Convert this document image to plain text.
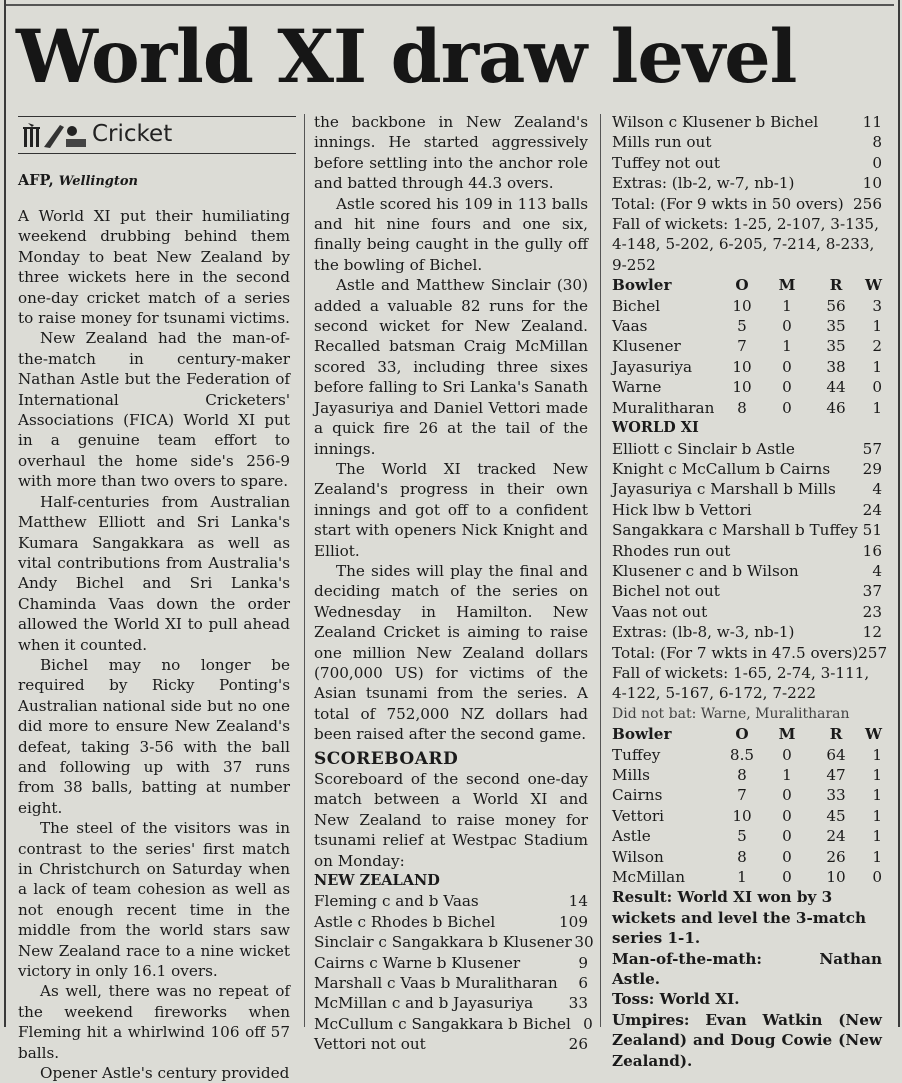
World XI draw level
Cricket
AFP, Wellington

A World XI put their humiliating weekend drubbing behind them Monday to beat New Zealand by three wickets here in the second one-day cricket match of a series to raise money for tsunami victims.

New Zealand had the man-of-the-match in century-maker Nathan Astle but the Federation of International Cricketers' Associations (FICA) World XI put in a genuine team effort to overhaul the home side's 256-9 with more than two overs to spare.

Half-centuries from Australian Matthew Elliott and Sri Lanka's Kumara Sangakkara as well as vital contributions from Australia's Andy Bichel and Sri Lanka's Chaminda Vaas down the order allowed the World XI to pull ahead when it counted.

Bichel may no longer be required by Ricky Ponting's Australian national side but no one did more to ensure New Zealand's defeat, taking 3-56 with the ball and following up with 37 runs from 38 balls, batting at number eight.

The steel of the visitors was in contrast to the series' first match in Christchurch on Saturday when a lack of team cohesion as well as not enough recent time in the middle from the world stars saw New Zealand race to a nine wicket victory in only 16.1 overs.

As well, there was no repeat of the weekend fireworks when Fleming hit a whirlwind 106 off 57 balls.

Opener Astle's century provided

the backbone in New Zealand's innings. He started aggressively before settling into the anchor role and batted through 44.3 overs.

Astle scored his 109 in 113 balls and hit nine fours and one six, finally being caught in the gully off the bowling of Bichel.

Astle and Matthew Sinclair (30) added a valuable 82 runs for the second wicket for New Zealand. Recalled batsman Craig McMillan scored 33, including three sixes before falling to Sri Lanka's Sanath Jayasuriya and Daniel Vettori made a quick fire 26 at the tail of the innings.

The World XI tracked New Zealand's progress in their own innings and got off to a confident start with openers Nick Knight and Elliot.

The sides will play the final and deciding match of the series on Wednesday in Hamilton. New Zealand Cricket is aiming to raise one million New Zealand dollars (700,000 US) for victims of the Asian tsunami from the series. A total of 752,000 NZ dollars had been raised after the second game.

SCOREBOARD

Scoreboard of the second one-day match between a World XI and New Zealand to raise money for tsunami relief at Westpac Stadium on Monday:

NEW ZEALAND
Fleming c and b Vaas	14
Astle c Rhodes b Bichel	109
Sinclair c Sangakkara b Klusener 30
Cairns c Warne b Klusener	9
Marshall c Vaas b Muralitharan	6
McMillan c and b Jayasuriya 33
McCullum c Sangakkara b Bichel 0
Vettori not out	26
Wilson c Klusener b Bichel	11
Mills run out	8
Tuffey not out	0
Extras: (lb-2, w-7, nb-1)	10
Total: (For 9 wkts in 50 overs) 256

Fall of wickets: 1-25, 2-107, 3-135, 4-148, 5-202, 6-205, 7-214, 8-233, 9-252

Bowler	O	M	R	W
Bichel	10	1	56	3
Vaas	5	0	35	1
Klusener	7	1	35	2
Jayasuriya	10	0	38	1
Warne	10	0	44	0
Muralitharan	8	0	46	1
WORLD XI
Elliott c Sinclair b Astle	57
Knight c McCallum b Cairns 29
Jayasuriya c Marshall b Mills	4
Hick lbw b Vettori	24
Sangakkara c Marshall b Tuffey 51
Rhodes run out	16
Klusener c and b Wilson	4
Bichel not out	37
Vaas not out	23
Extras: (lb-8, w-3, nb-1)	12
Total: (For 7 wkts in 47.5 overs) 257

Fall of wickets: 1-65, 2-74, 3-111, 4-122, 5-167, 6-172, 7-222

Did not bat: Warne, Muralitharan
Bowler	O	M	R	W
Tuffey	8.5	0	64	1
Mills	8	1	47	1
Cairns	7	0	33	1
Vettori	10	0	45	1
Astle	5	0	24	1
Wilson	8	0	26	1
McMillan	1	0	10	0

Result: World XI won by 3 wickets and level the 3-match series 1-1.

Man-of-the-math: Nathan Astle.

Toss: World XI.

Umpires: Evan Watkin (New Zealand) and Doug Cowie (New Zealand).
